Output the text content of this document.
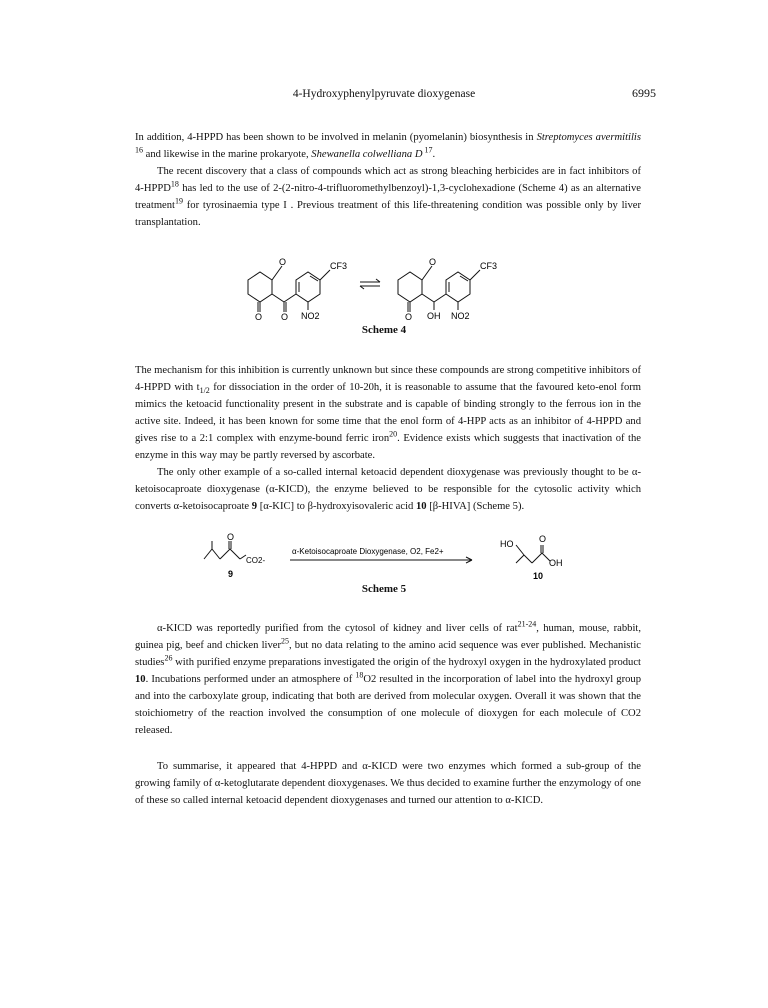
4-Hydroxyphenylpyruvate dioxygenase	6995

In addition, 4-HPPD has been shown to be involved in melanin (pyomelanin) biosynthesis in Streptomyces avermitilis $^{16}$ and likewise in the marine prokaryote, Shewanella colwelliana D $^{17}$.

The recent discovery that a class of compounds which act as strong bleaching herbicides are in fact inhibitors of 4-HPPD$^{18}$ has led to the use of 2-(2-nitro-4-trifluoromethylbenzoyl)-1,3-cyclohexadione (Scheme 4) as an alternative treatment$^{19}$ for tyrosinaemia type I . Previous treatment of this life-threatening condition was possible only by liver transplantation.

O	CF3
O O NO2
O	CF3
O OH NO2
Scheme 4

The mechanism for this inhibition is currently unknown but since these compounds are strong competitive inhibitors of 4-HPPD with $t_{1/2}$ for dissociation in the order of 10-20h, it is reasonable to assume that the favoured keto-enol form mimics the ketoacid functionality present in the substrate and is capable of binding strongly to the ferrous ion in the active site. Indeed, it has been known for some time that the enol form of 4-HPP acts as an inhibitor of 4-HPPD and gives rise to a 2:1 complex with enzyme-bound ferric iron$^{20}$. Evidence exists which suggests that inactivation of the enzyme in this way may be partly reversed by ascorbate.

The only other example of a so-called internal ketoacid dependent dioxygenase was previously thought to be α-ketoisocaproate dioxygenase (α-KICD), the enzyme believed to be responsible for the cytosolic activity which converts α-ketoisocaproate 9 [α-KIC] to β-hydroxyisovaleric acid 10 [β-HIVA] (Scheme 5).

O
CO2-
9
α-Ketoisocaproate Dioxygenase, O2, Fe2+
HO	O
OH
10
Scheme 5

α-KICD was reportedly purified from the cytosol of kidney and liver cells of rat$^{21-24}$, human, mouse, rabbit, guinea pig, beef and chicken liver$^{25}$, but no data relating to the amino acid sequence was ever published. Mechanistic studies$^{26}$ with purified enzyme preparations investigated the origin of the hydroxyl oxygen in the hydroxylated product 10. Incubations performed under an atmosphere of $^{18}$O2 resulted in the incorporation of label into the hydroxyl group and into the carboxylate group, indicating that both are derived from molecular oxygen. Overall it was shown that the stoichiometry of the reaction involved the consumption of one molecule of dioxygen for each molecule of CO2 released.

To summarise, it appeared that 4-HPPD and α-KICD were two enzymes which formed a sub-group of the growing family of α-ketoglutarate dependent dioxygenases. We thus decided to examine further the enzymology of one of these so called internal ketoacid dependent dioxygenases and turned our attention to α-KICD.
